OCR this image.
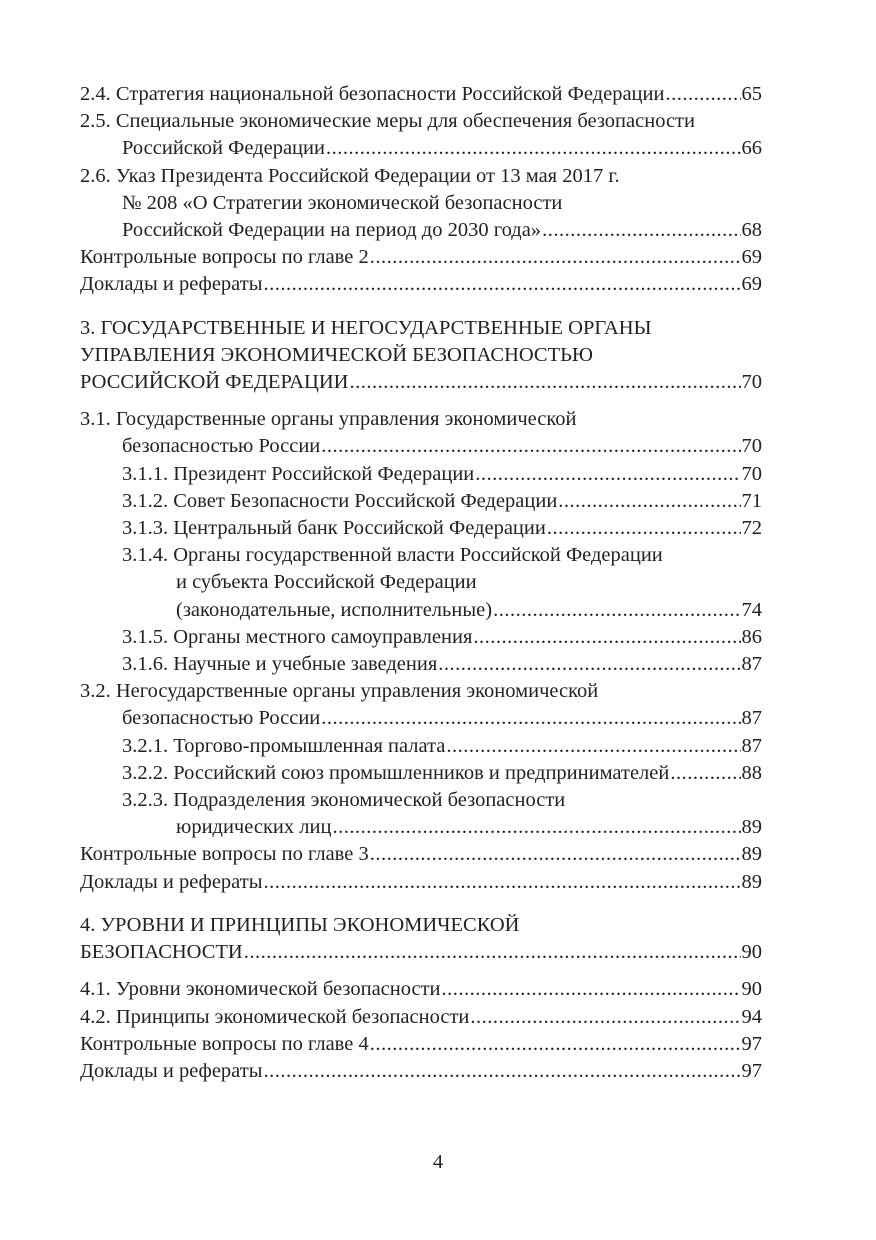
2.4. Стратегия национальной безопасности Российской Федерации .....	65
2.5. Специальные экономические меры для обеспечения безопасности
Российской Федерации .....	66
2.6. Указ Президента Российской Федерации от 13 мая 2017 г.
№ 208 «О Стратегии экономической безопасности
Российской Федерации на период до 2030 года» .....	68
Контрольные вопросы по главе 2 .....	69
Доклады и рефераты .....	69
3. ГОСУДАРСТВЕННЫЕ И НЕГОСУДАРСТВЕННЫЕ ОРГАНЫ
УПРАВЛЕНИЯ ЭКОНОМИЧЕСКОЙ БЕЗОПАСНОСТЬЮ
РОССИЙСКОЙ ФЕДЕРАЦИИ .....	70
3.1. Государственные органы управления экономической
безопасностью России .....	70
3.1.1. Президент Российской Федерации .....	70
3.1.2. Совет Безопасности Российской Федерации .....	71
3.1.3. Центральный банк Российской Федерации .....	72
3.1.4. Органы государственной власти Российской Федерации
и субъекта Российской Федерации
(законодательные, исполнительные) .....	74
3.1.5. Органы местного самоуправления .....	86
3.1.6. Научные и учебные заведения .....	87
3.2. Негосударственные органы управления экономической
безопасностью России .....	87
3.2.1. Торгово-промышленная палата .....	87
3.2.2. Российский союз промышленников и предпринимателей .....	88
3.2.3. Подразделения экономической безопасности
юридических лиц .....	89
Контрольные вопросы по главе 3 .....	89
Доклады и рефераты .....	89
4. УРОВНИ И ПРИНЦИПЫ ЭКОНОМИЧЕСКОЙ
БЕЗОПАСНОСТИ .....	90
4.1. Уровни экономической безопасности .....	90
4.2. Принципы экономической безопасности .....	94
Контрольные вопросы по главе 4 .....	97
Доклады и рефераты .....	97
4
